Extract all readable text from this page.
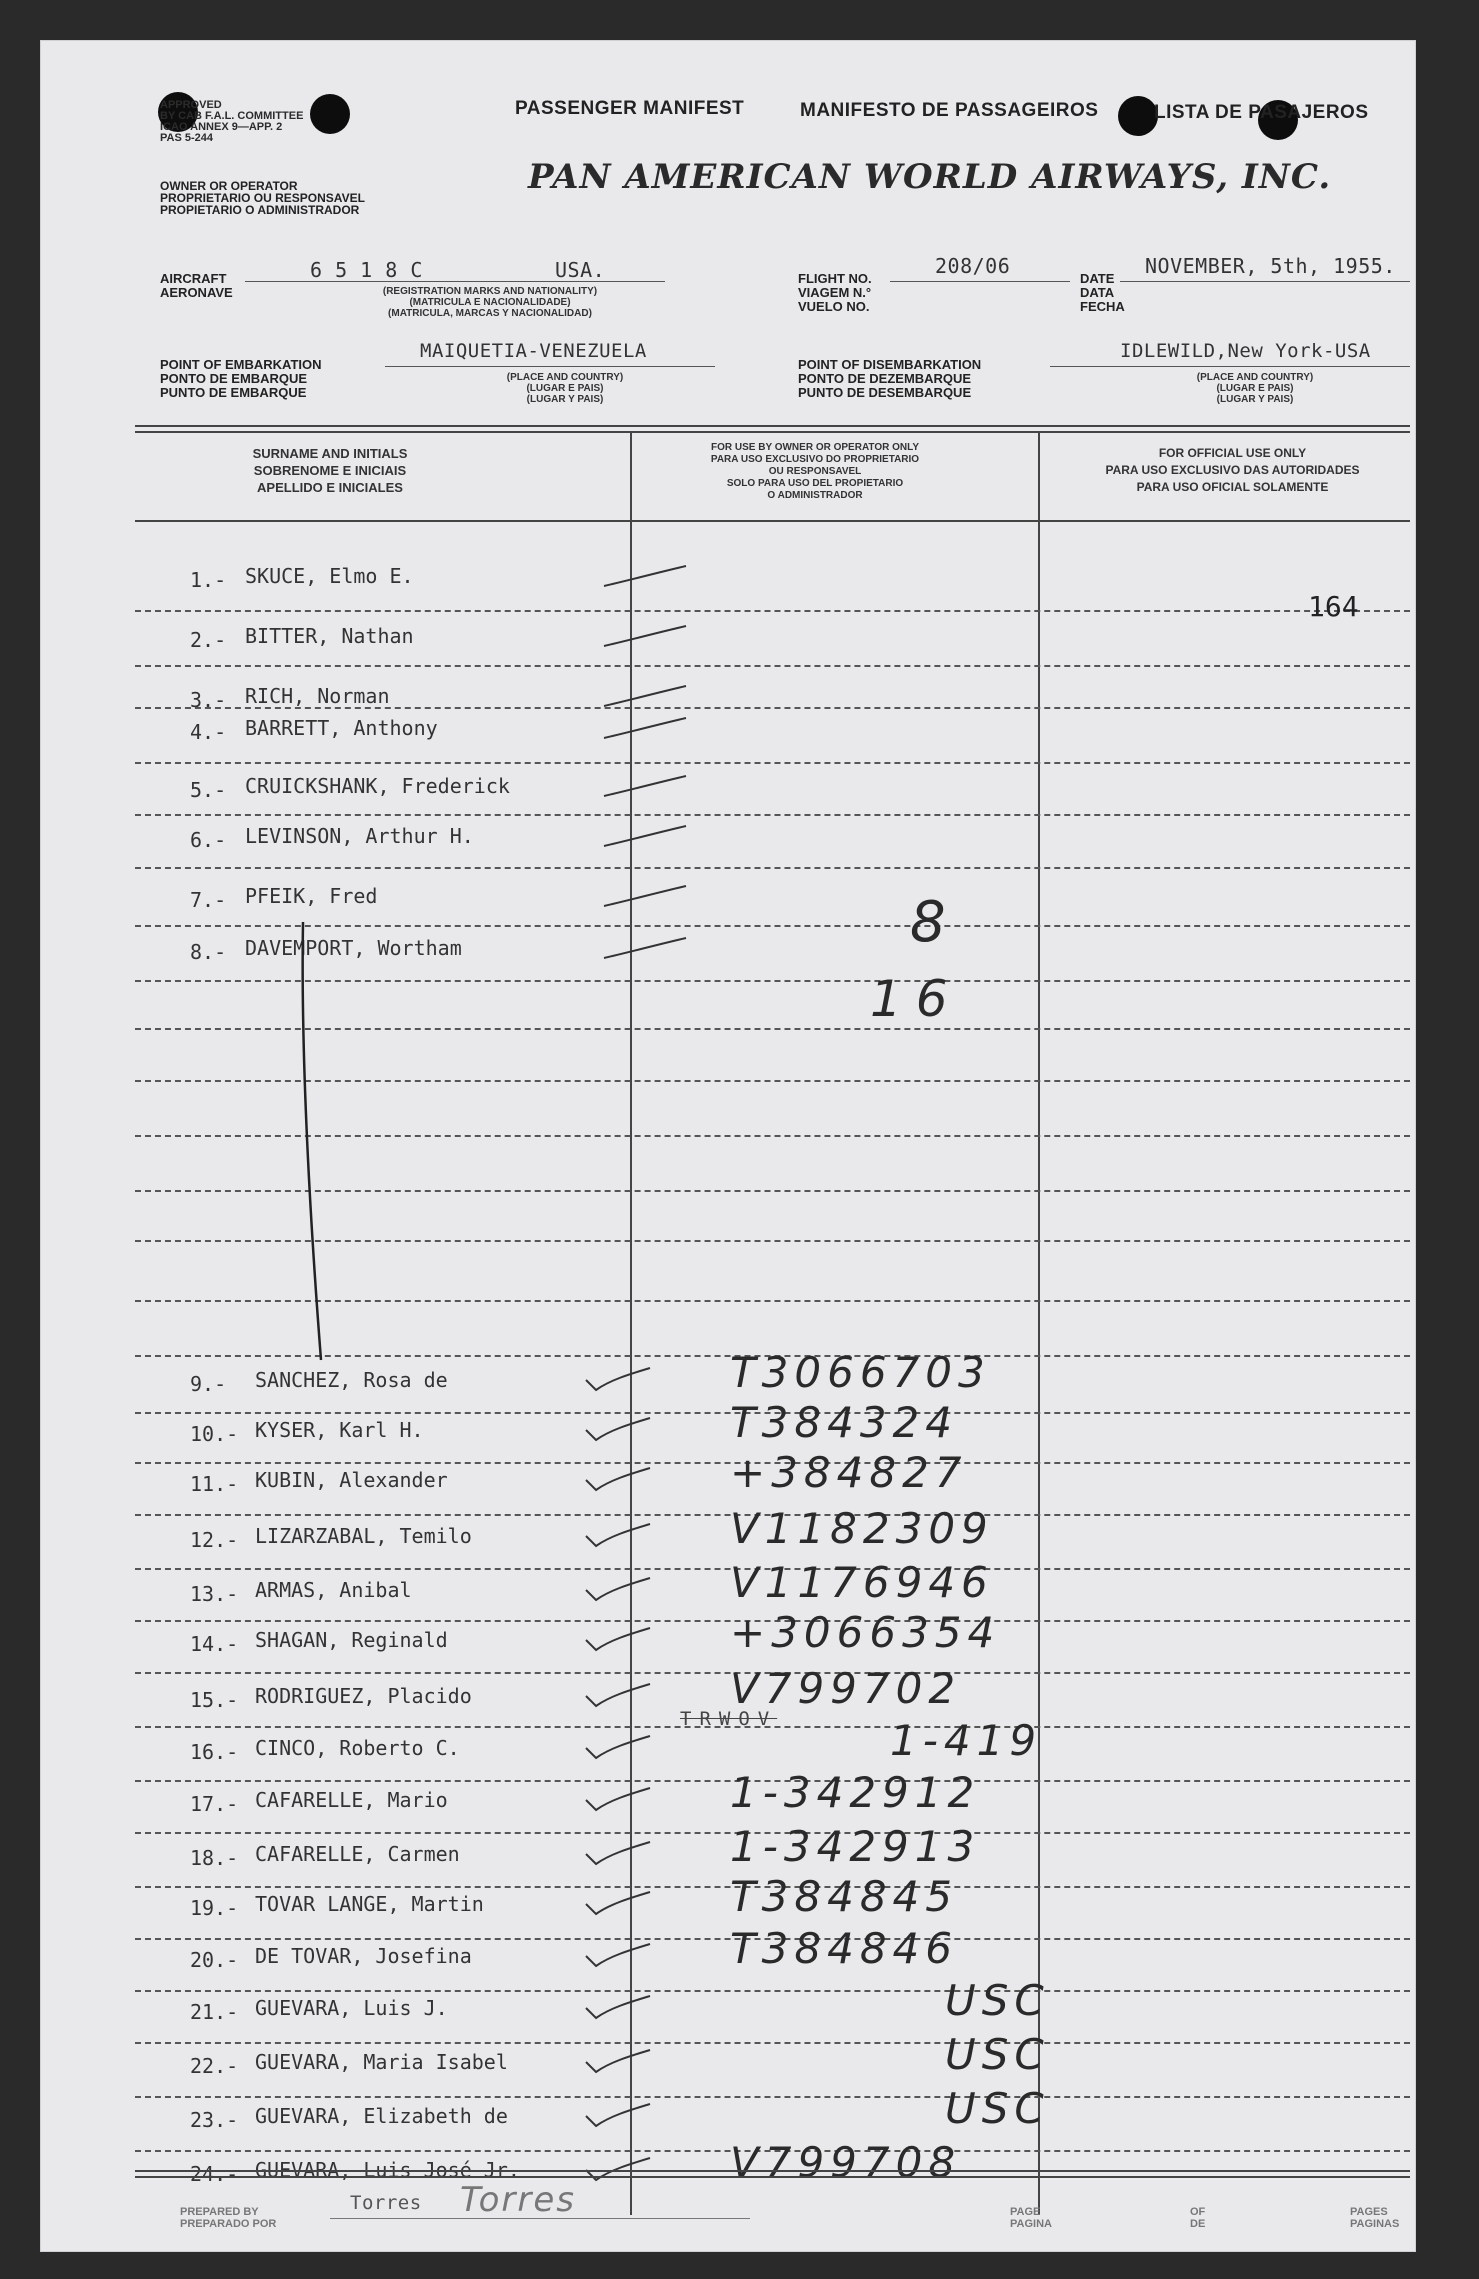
APPROVED
BY CAB F.A.L. COMMITTEE
ICAO ANNEX 9—APP. 2
PAS 5-244
PASSENGER MANIFEST	MANIFESTO DE PASSAGEIROS	LISTA DE PASAJEROS
OWNER OR OPERATOR
PROPRIETARIO OU RESPONSAVEL
PROPIETARIO O ADMINISTRADOR
PAN AMERICAN WORLD AIRWAYS, INC.
AIRCRAFT
AERONAVE
6 5 1 8 C	USA.
(REGISTRATION MARKS AND NATIONALITY)
(MATRICULA E NACIONALIDADE)
(MATRICULA, MARCAS Y NACIONALIDAD)
FLIGHT NO.
VIAGEM N.°
VUELO NO.
208/06
DATE
DATA
FECHA
NOVEMBER, 5th, 1955.
POINT OF EMBARKATION
PONTO DE EMBARQUE
PUNTO DE EMBARQUE
MAIQUETIA-VENEZUELA
(PLACE AND COUNTRY)
(LUGAR E PAIS)
(LUGAR Y PAIS)
POINT OF DISEMBARKATION
PONTO DE DEZEMBARQUE
PUNTO DE DESEMBARQUE
IDLEWILD,New York-USA
(PLACE AND COUNTRY)
(LUGAR E PAIS)
(LUGAR Y PAIS)
SURNAME AND INITIALS
SOBRENOME E INICIAIS
APELLIDO E INICIALES
FOR USE BY OWNER OR OPERATOR ONLY
PARA USO EXCLUSIVO DO PROPRIETARIO
OU RESPONSAVEL
SOLO PARA USO DEL PROPIETARIO
O ADMINISTRADOR
FOR OFFICIAL USE ONLY
PARA USO EXCLUSIVO DAS AUTORIDADES
PARA USO OFICIAL SOLAMENTE
1.- SKUCE, Elmo E.
2.- BITTER, Nathan
3.- RICH, Norman
4.- BARRETT, Anthony
5.- CRUICKSHANK, Frederick
6.- LEVINSON, Arthur H.
7.- PFEIK, Fred
8.- DAVEMPORT, Wortham
9.- SANCHEZ, Rosa de	T3066703
10.- KYSER, Karl H.	T384324
11.- KUBIN, Alexander	+384827
12.- LIZARZABAL, Temilo	V1182309
13.- ARMAS, Anibal	V1176946
14.- SHAGAN, Reginald	+3066354
15.- RODRIGUEZ, Placido	V799702
16.- CINCO, Roberto C.	1-419
17.- CAFARELLE, Mario	1-342912
18.- CAFARELLE, Carmen	1-342913
19.- TOVAR LANGE, Martin	T384845
20.- DE TOVAR, Josefina	T384846
21.- GUEVARA, Luis J.	USC
22.- GUEVARA, Maria Isabel	USC
23.- GUEVARA, Elizabeth de	USC
24.- GUEVARA, Luis José Jr.	V799708
164
8
16
TRWOV
PREPARED BY
PREPARADO POR
Torres Torres	PAGE
PAGINA
OF
DE
PAGES
PAGINAS
